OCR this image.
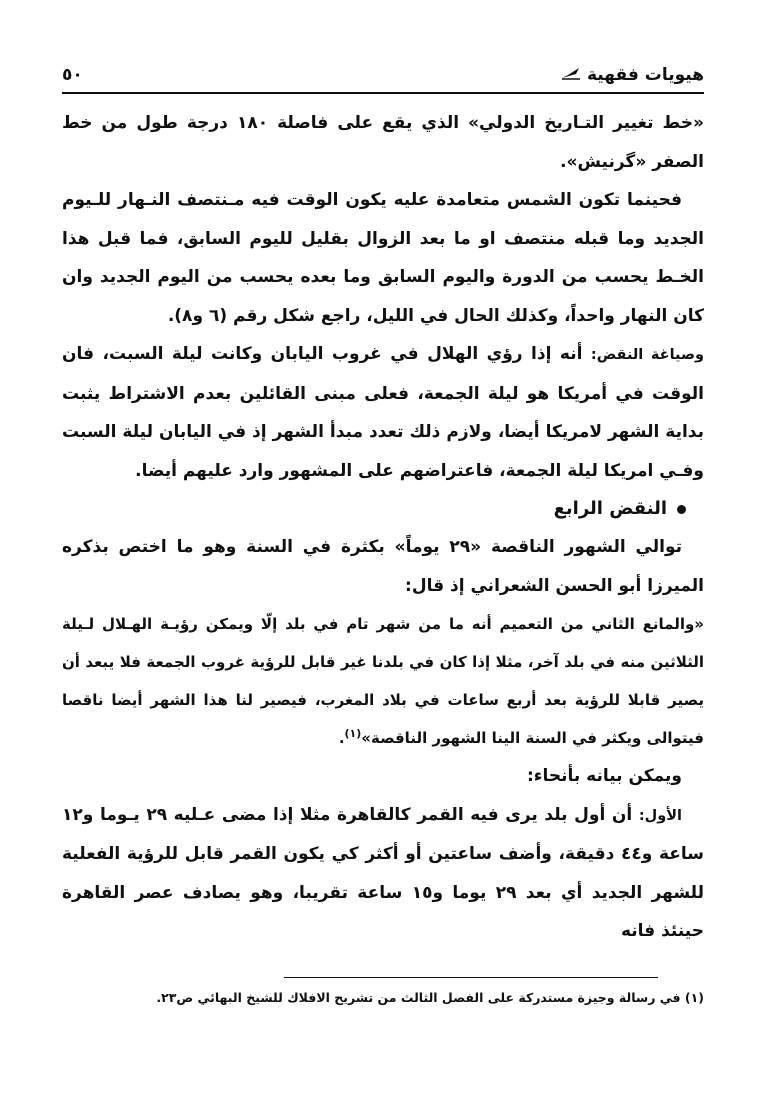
٥٠	هيويات فقهية

«خط تغيير التـاريخ الدولي» الذي يقع على فاصلة ١٨٠ درجة طول من خط الصفر «گرنيش».

فحينما تكون الشمس متعامدة عليه يكون الوقت فيه مـنتصف النـهار للـيوم الجديد وما قبله منتصف او ما بعد الزوال بقليل لليوم السابق، فما قبل هذا الخـط يحسب من الدورة واليوم السابق وما بعده يحسب من اليوم الجديد وان كان النهار واحداً، وكذلك الحال في الليل، راجع شكل رقم (٦ و٨).

وصياغة النقض: أنه إذا رؤي الهلال في غروب اليابان وكانت ليلة السبت، فان الوقت في أمريكا هو ليلة الجمعة، فعلى مبنى القائلين بعدم الاشتراط يثبت بداية الشهر لامريكا أيضا، ولازم ذلك تعدد مبدأ الشهر إذ في اليابان ليلة السبت وفـي امريكا ليلة الجمعة، فاعتراضهم على المشهور وارد عليهم أيضا.

النقض الرابع

توالي الشهور الناقصة «٢٩ يوماً» بكثرة في السنة وهو ما اختص بذكره الميرزا أبو الحسن الشعراني إذ قال:

«والمانع الثاني من التعميم أنه ما من شهر تام في بلد إلّا ويمكن رؤيـة الهـلال لـيلة الثلاثين منه في بلد آخر، مثلا إذا كان في بلدنا غير قابل للرؤية غروب الجمعة فلا يبعد أن يصير قابلا للرؤية بعد أربع ساعات في بلاد المغرب، فيصير لنا هذا الشهر أيضا ناقصا فيتوالى ويكثر في السنة الينا الشهور الناقصة»$^{(١)}$.

ويمكن بيانه بأنحاء:

الأول: أن أول بلد يرى فيه القمر كالقاهرة مثلا إذا مضى عـليه ٢٩ يـوما و١٢ ساعة و٤٤ دقيقة، وأضف ساعتين أو أكثر كي يكون القمر قابل للرؤية الفعلية للشهر الجديد أي بعد ٢٩ يوما و١٥ ساعة تقريبا، وهو يصادف عصر القاهرة حينئذ فانه

(١) في رسالة وجيزة مستدركة على الفصل الثالث من تشريح الافلاك للشيخ البهائي ص٢٣.
